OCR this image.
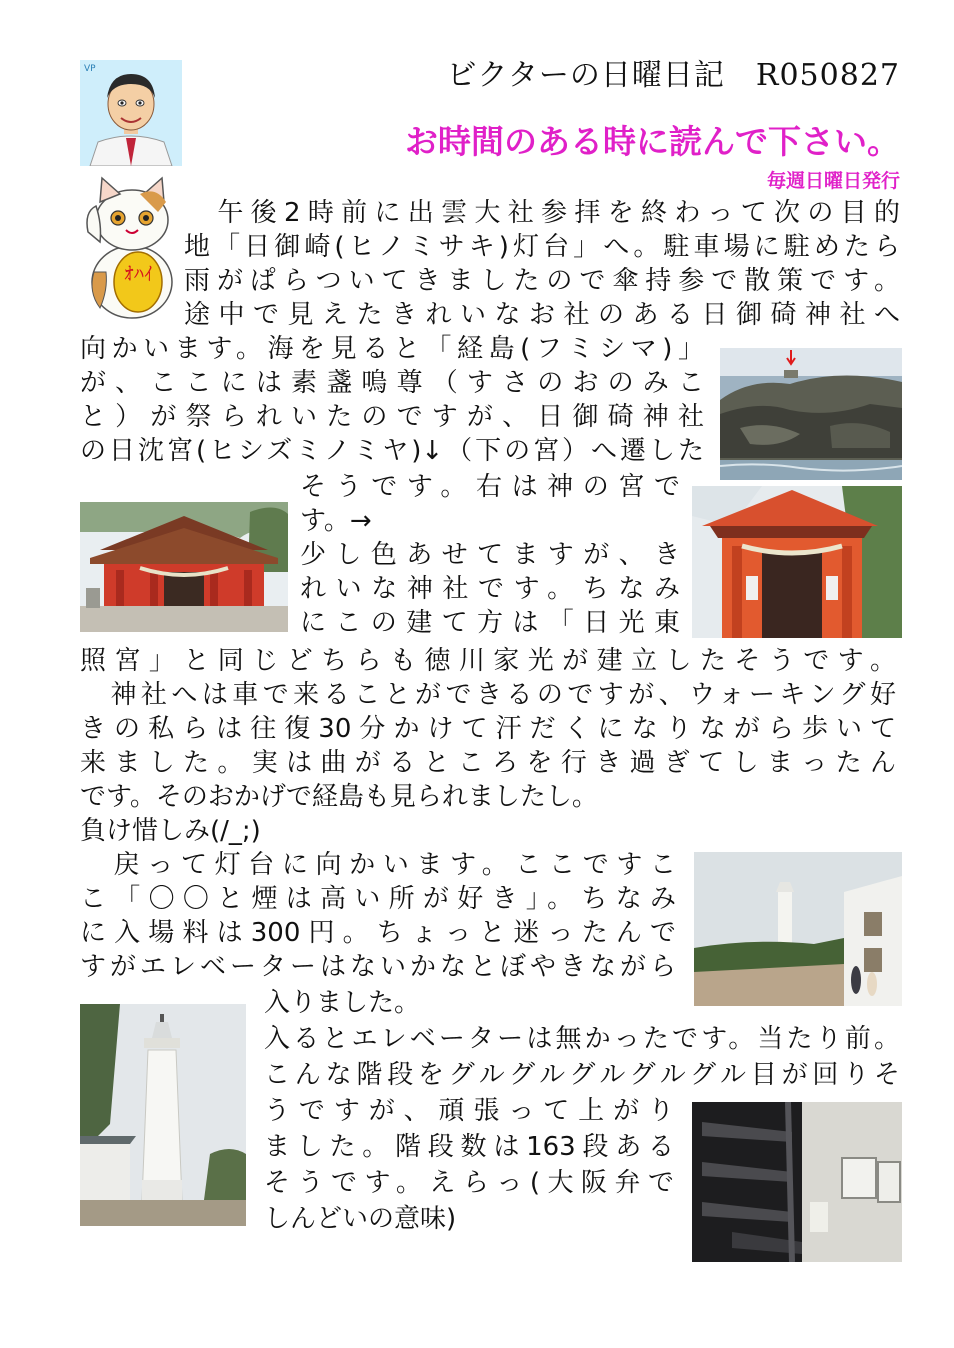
ビクターの日曜日記　R050827
お時間のある時に読んで下さい。
毎週日曜日発行
VP
オハイ
　午後2時前に出雲大社参拝を終わって次の目的
地「日御崎(ヒノミサキ)灯台」へ。駐車場に駐めたら
雨がぱらついてきましたので傘持参で散策です。
途中で見えたきれいなお社のある日御碕神社へ
向かいます。海を見ると「経島(フミシマ)」
が、ここには素盞嗚尊（すさのおのみこ
と）が祭られいたのですが、日御碕神社
の日沈宮(ヒシズミノミヤ)↓（下の宮）へ遷した
そうです。右は神の宮で
す。→
少し色あせてますが、き
れいな神社です。ちなみ
にこの建て方は「日光東
照宮」と同じどちらも徳川家光が建立したそうです。
　神社へは車で来ることができるのですが、ウォーキング好
きの私らは往復30分かけて汗だくになりながら歩いて
来ました。実は曲がるところを行き過ぎてしまったん
です。そのおかげで経島も見られましたし。
負け惜しみ(/_;)
　戻って灯台に向かいます。ここですこ
こ「〇〇と煙は高い所が好き」。ちなみ
に入場料は300円。ちょっと迷ったんで
すがエレベーターはないかなとぼやきながら
入りました。
入るとエレベーターは無かったです。当たり前。
こんな階段をグルグルグルグルグル目が回りそ
うですが、頑張って上がり
ました。階段数は163段ある
そうです。えらっ(大阪弁で
しんどいの意味)
